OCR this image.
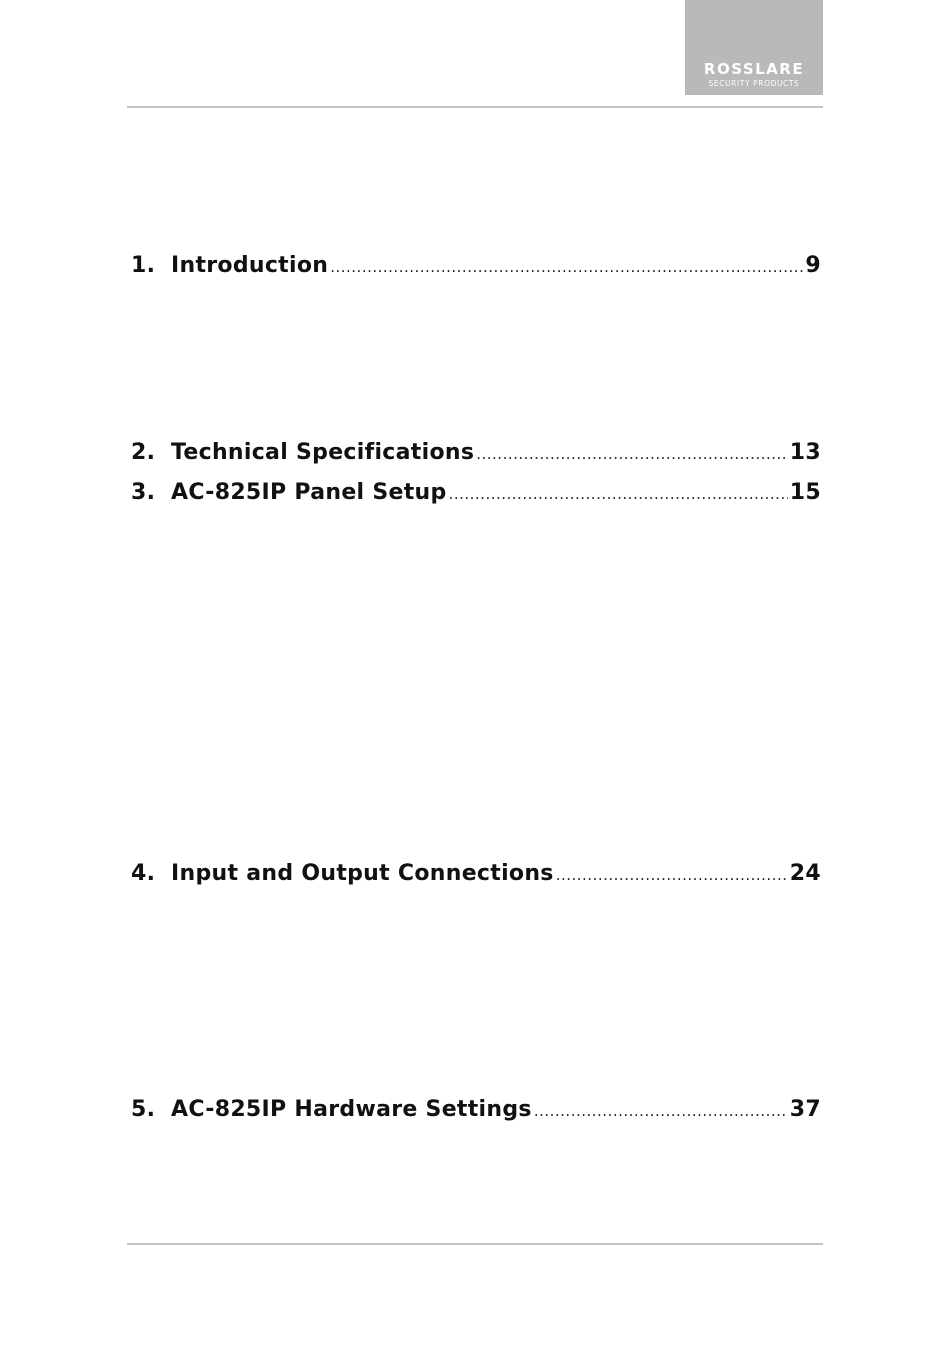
ROSSLARE
SECURITY PRODUCTS
1. Introduction .....	9
2. Technical Specifications .....	13
3. AC-825IP Panel Setup .....	15
4. Input and Output Connections .....	24
5. AC-825IP Hardware Settings .....	37
